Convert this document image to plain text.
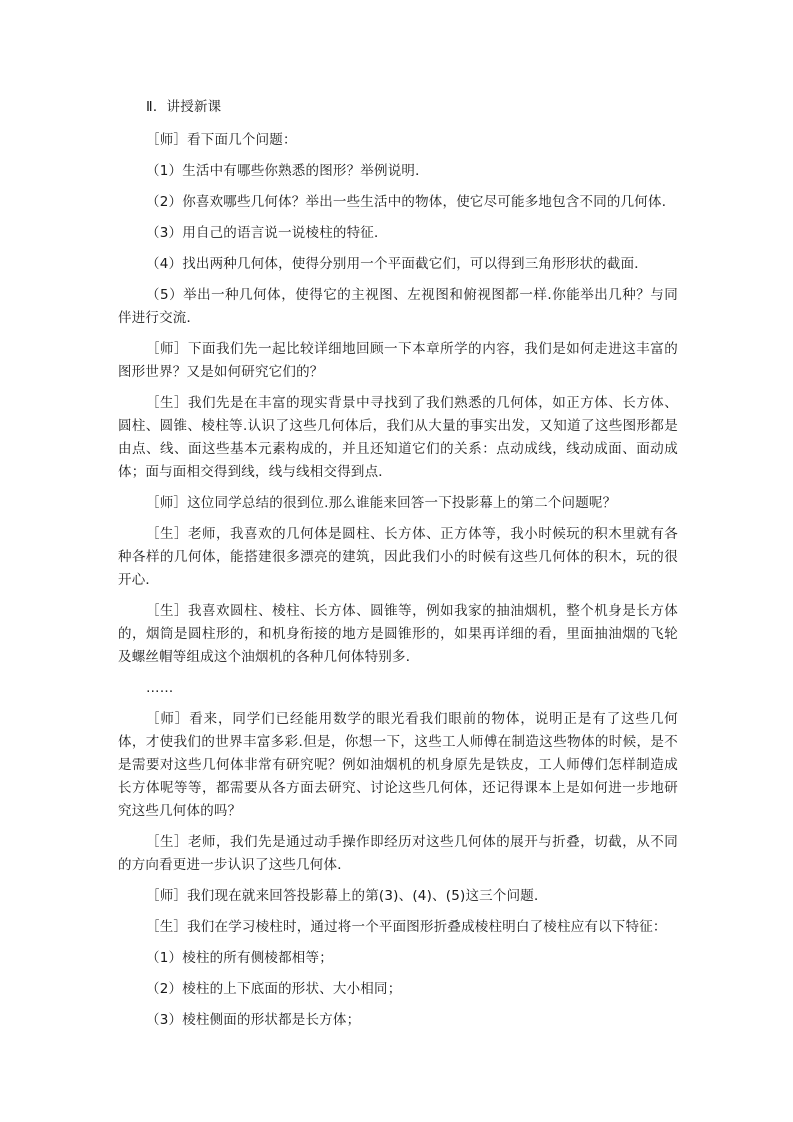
Ⅱ．讲授新课

［师］看下面几个问题：

（1）生活中有哪些你熟悉的图形？举例说明．

（2）你喜欢哪些几何体？举出一些生活中的物体，使它尽可能多地包含不同的几何体．

（3）用自己的语言说一说棱柱的特征．

（4）找出两种几何体，使得分别用一个平面截它们，可以得到三角形形状的截面．

（5）举出一种几何体，使得它的主视图、左视图和俯视图都一样.你能举出几种？与同伴进行交流．

［师］下面我们先一起比较详细地回顾一下本章所学的内容，我们是如何走进这丰富的图形世界？又是如何研究它们的？

［生］我们先是在丰富的现实背景中寻找到了我们熟悉的几何体，如正方体、长方体、圆柱、圆锥、棱柱等.认识了这些几何体后，我们从大量的事实出发，又知道了这些图形都是由点、线、面这些基本元素构成的，并且还知道它们的关系：点动成线，线动成面、面动成体；面与面相交得到线，线与线相交得到点．

［师］这位同学总结的很到位.那么谁能来回答一下投影幕上的第二个问题呢？

［生］老师，我喜欢的几何体是圆柱、长方体、正方体等，我小时候玩的积木里就有各种各样的几何体，能搭建很多漂亮的建筑，因此我们小的时候有这些几何体的积木，玩的很开心．

［生］我喜欢圆柱、棱柱、长方体、圆锥等，例如我家的抽油烟机，整个机身是长方体的，烟筒是圆柱形的，和机身衔接的地方是圆锥形的，如果再详细的看，里面抽油烟的飞轮及螺丝帽等组成这个油烟机的各种几何体特别多．

……

［师］看来，同学们已经能用数学的眼光看我们眼前的物体，说明正是有了这些几何体，才使我们的世界丰富多彩.但是，你想一下，这些工人师傅在制造这些物体的时候，是不是需要对这些几何体非常有研究呢？例如油烟机的机身原先是铁皮，工人师傅们怎样制造成长方体呢等等，都需要从各方面去研究、讨论这些几何体，还记得课本上是如何进一步地研究这些几何体的吗？

［生］老师，我们先是通过动手操作即经历对这些几何体的展开与折叠，切截，从不同的方向看更进一步认识了这些几何体．

［师］我们现在就来回答投影幕上的第(3)、(4)、(5)这三个问题．

［生］我们在学习棱柱时，通过将一个平面图形折叠成棱柱明白了棱柱应有以下特征：

（1）棱柱的所有侧棱都相等；

（2）棱柱的上下底面的形状、大小相同；

（3）棱柱侧面的形状都是长方体；
